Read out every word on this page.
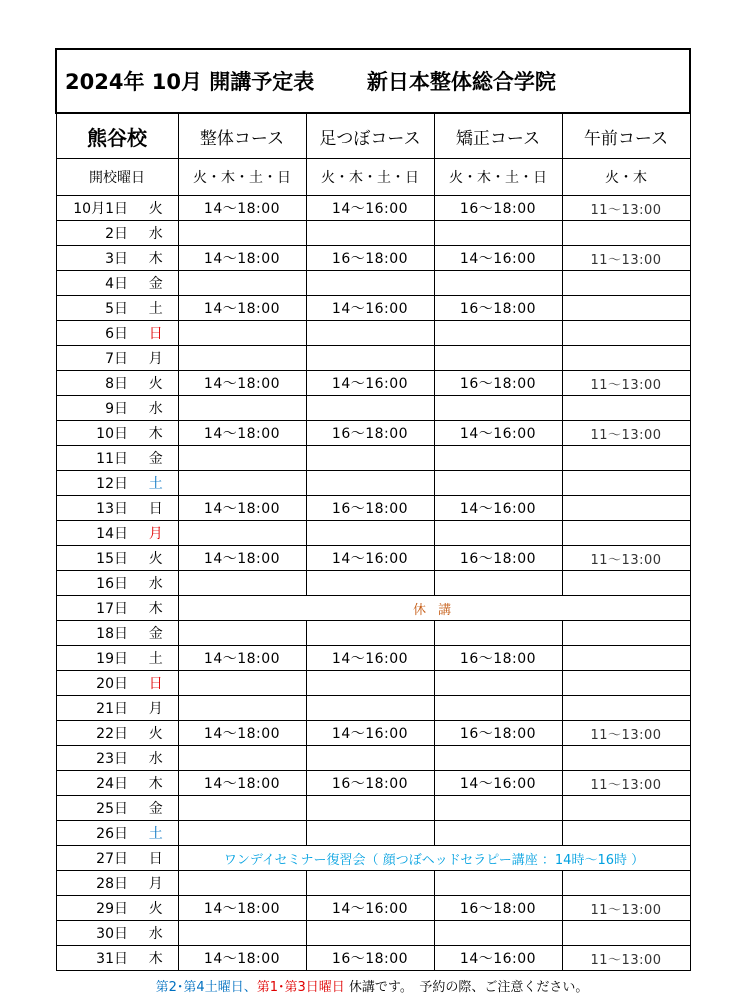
2024年 10月 開講予定表 新日本整体総合学院					
熊谷校		整体コース	足つぼコース	矯正コース	午前コース
開校曜日		火・木・土・日	火・木・土・日	火・木・土・日	火・木
10月1日	火	14～18:00	14～16:00	16～18:00	11～13:00
2日	水				
3日	木	14～18:00	16～18:00	14～16:00	11～13:00
4日	金				
5日	土	14～18:00	14～16:00	16～18:00	
6日	日				
7日	月				
8日	火	14～18:00	14～16:00	16～18:00	11～13:00
9日	水				
10日	木	14～18:00	16～18:00	14～16:00	11～13:00
11日	金				
12日	土				
13日	日	14～18:00	16～18:00	14～16:00	
14日	月				
15日	火	14～18:00	14～16:00	16～18:00	11～13:00
16日	水				
17日	木	休 講			
18日	金				
19日	土	14～18:00	14～16:00	16～18:00	
20日	日				
21日	月				
22日	火	14～18:00	14～16:00	16～18:00	11～13:00
23日	水				
24日	木	14～18:00	16～18:00	14～16:00	11～13:00
25日	金				
26日	土				
27日	日	ワンデイセミナー復習会（ 顔つぼヘッドセラピー講座 ：14時～16時 ）			
28日	月				
29日	火	14～18:00	14～16:00	16～18:00	11～13:00
30日	水				
31日	木	14～18:00	16～18:00	14～16:00	11～13:00
第2･第4土曜日、第1･第3日曜日 休講です。　予約の際、ご注意ください。
